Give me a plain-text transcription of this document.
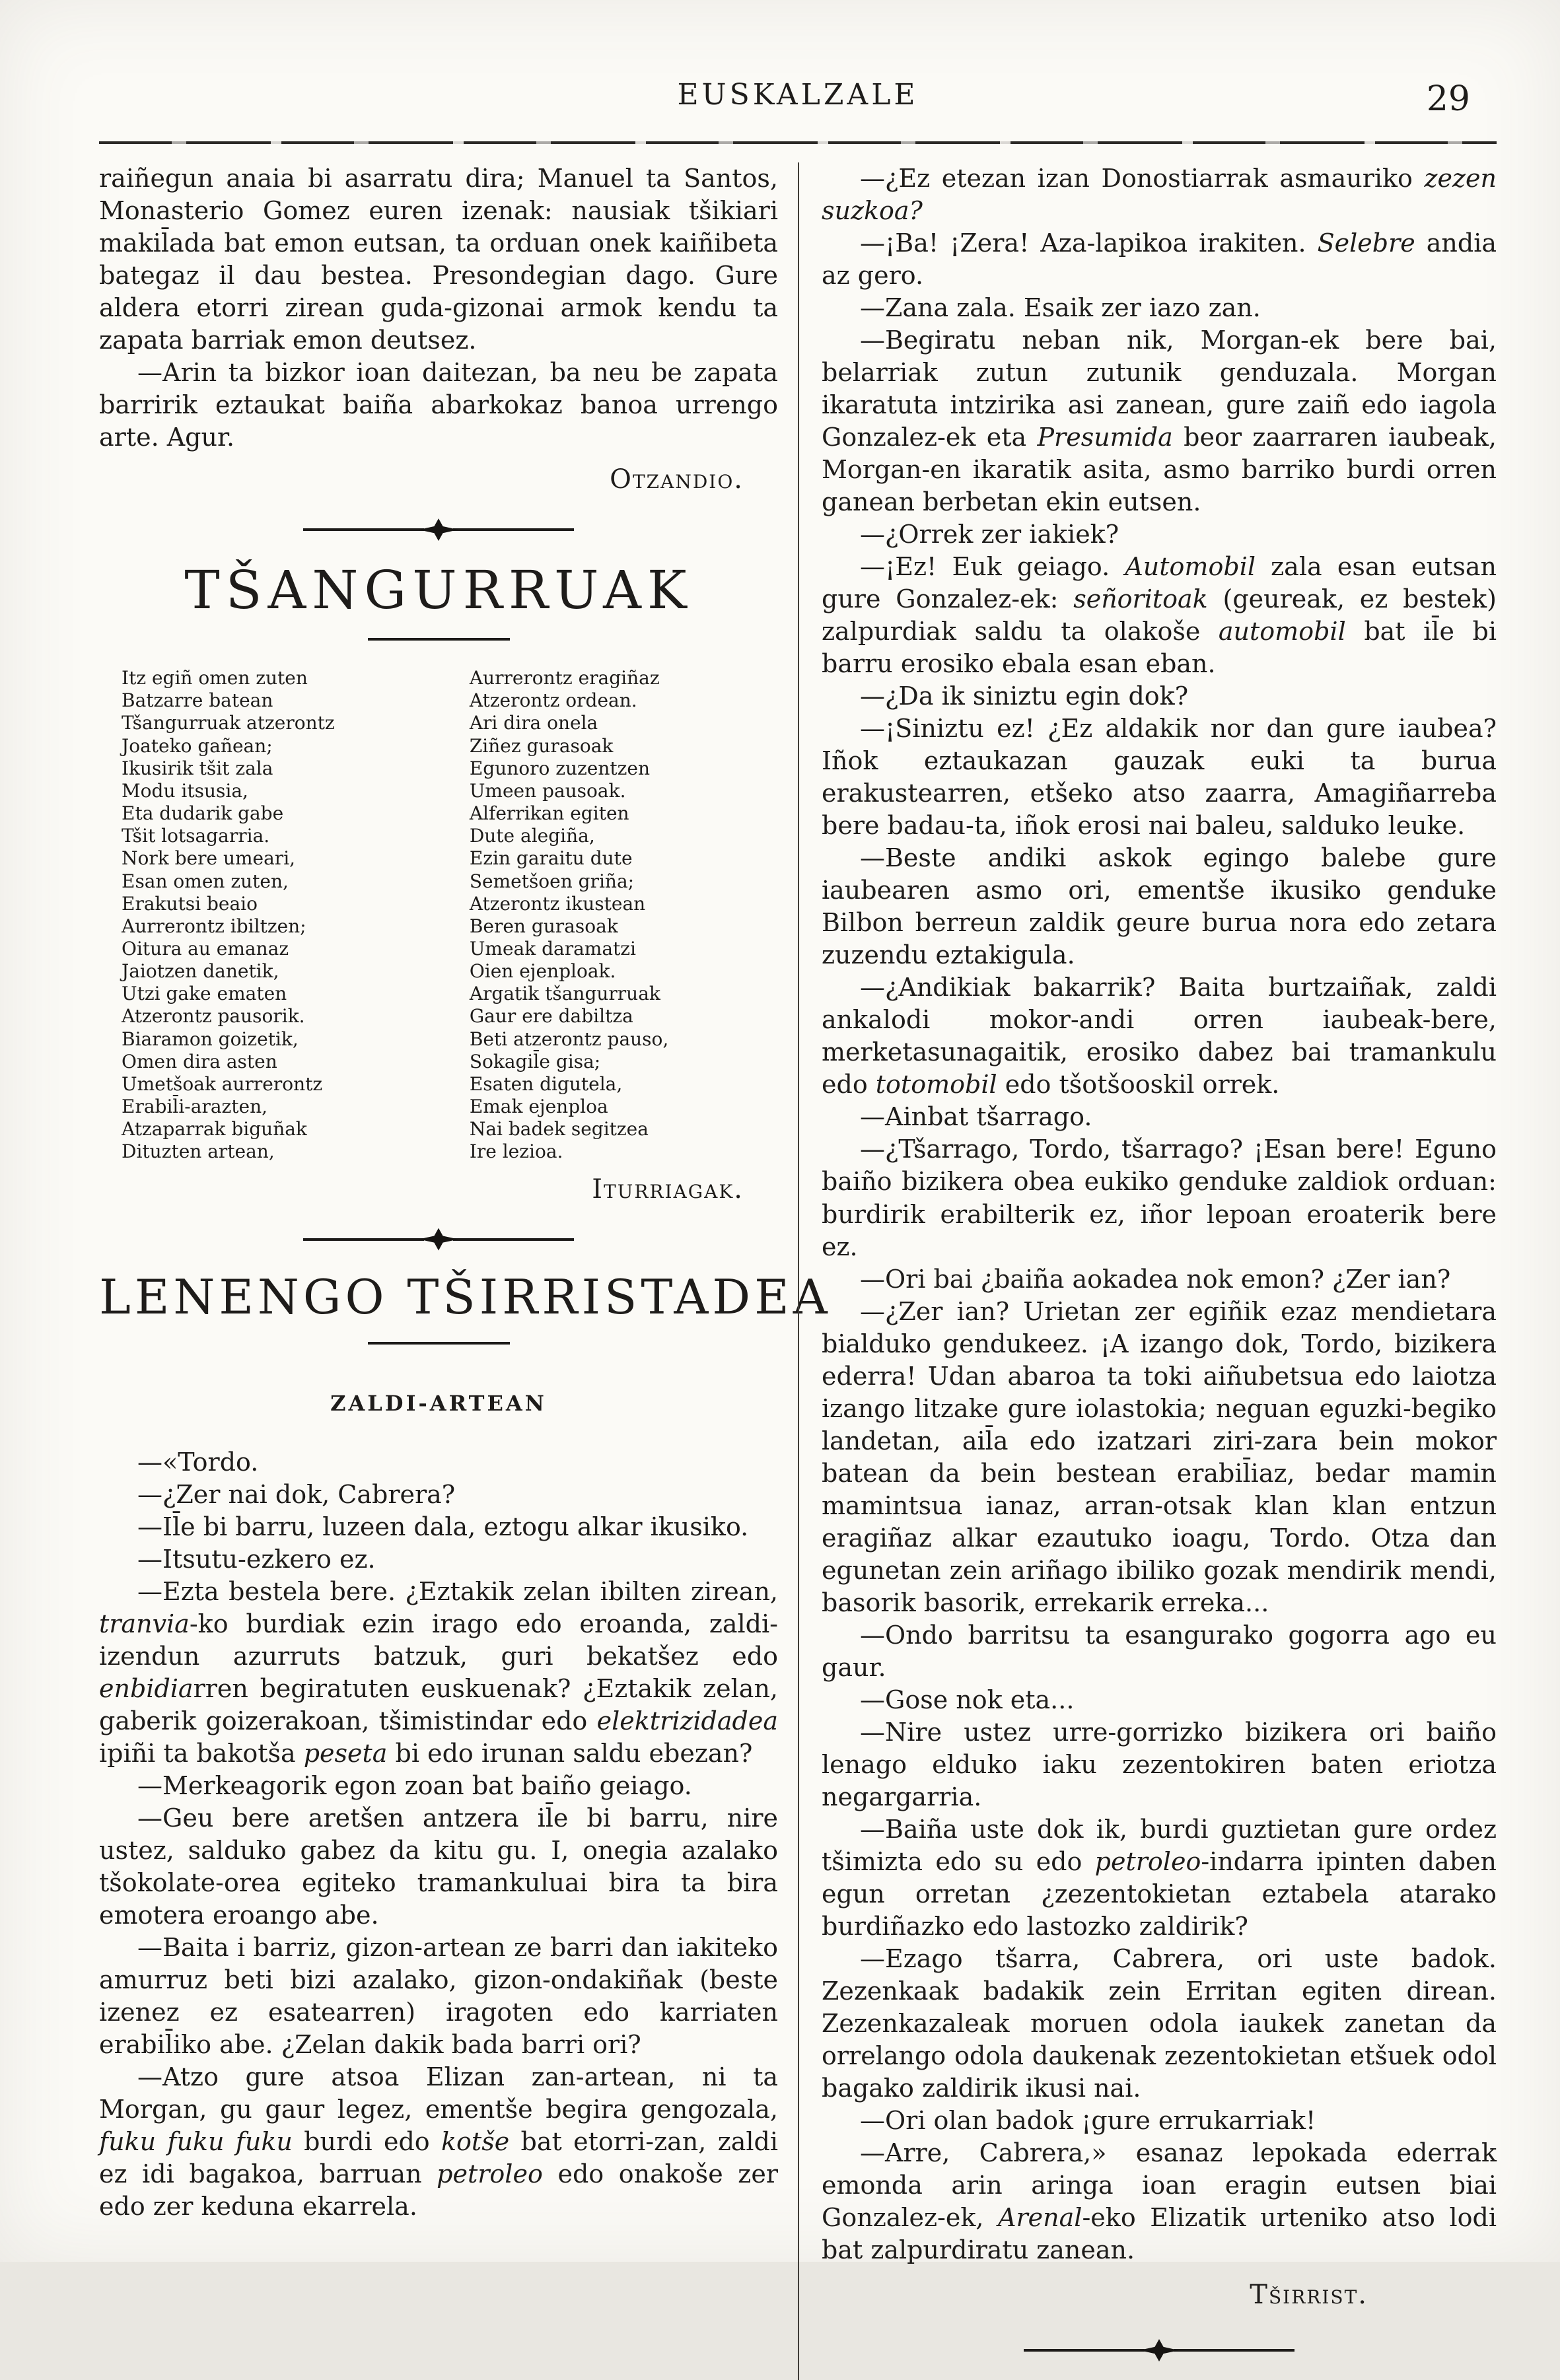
EUSKALZALE	29

raiñegun anaia bi asarratu dira; Manuel ta Santos, Monasterio Gomez euren izenak: nausiak tšikiari makil̄ada bat emon eutsan, ta orduan onek kaiñibeta bategaz il dau bestea. Presondegian dago. Gure aldera etorri zirean guda-gizonai armok kendu ta zapata barriak emon deutsez.

—Arin ta bizkor ioan daitezan, ba neu be zapata barririk eztaukat baiña abarkokaz banoa urrengo arte. Agur.

Otzandio.
TŠANGURRUAK
Itz egiñ omen zuten
Batzarre batean
Tšangurruak atzerontz
Joateko gañean;
Ikusirik tšit zala
Modu itsusia,
Eta dudarik gabe
Tšit lotsagarria.
Nork bere umeari,
Esan omen zuten,
Erakutsi beaio
Aurrerontz ibiltzen;
Oitura au emanaz
Jaiotzen danetik,
Utzi gake ematen
Atzerontz pausorik.
Biaramon goizetik,
Omen dira asten
Umetšoak aurrerontz
Erabil̄i-arazten,
Atzaparrak biguñak
Dituzten artean,
Aurrerontz eragiñaz
Atzerontz ordean.
Ari dira onela
Ziñez gurasoak
Egunoro zuzentzen
Umeen pausoak.
Alferrikan egiten
Dute alegiña,
Ezin garaitu dute
Semetšoen griña;
Atzerontz ikustean
Beren gurasoak
Umeak daramatzi
Oien ejenploak.
Argatik tšangurruak
Gaur ere dabiltza
Beti atzerontz pauso,
Sokagil̄e gisa;
Esaten digutela,
Emak ejenploa
Nai badek segitzea
Ire lezioa.
Iturriagak.
LENENGO TŠIRRISTADEA
ZALDI-ARTEAN

—«Tordo.

—¿Zer nai dok, Cabrera?

—Il̄e bi barru, luzeen dala, eztogu alkar ikusiko.

—Itsutu-ezkero ez.

—Ezta bestela bere. ¿Eztakik zelan ibilten zirean, tranvia-ko burdiak ezin irago edo eroanda, zaldi-izendun azurruts batzuk, guri bekatšez edo enbidiarren begiratuten euskuenak? ¿Eztakik zelan, gaberik goizerakoan, tšimistindar edo elektrizidadea ipiñi ta bakotša peseta bi edo irunan saldu ebezan?

—Merkeagorik egon zoan bat baiño geiago.

—Geu bere aretšen antzera il̄e bi barru, nire ustez, salduko gabez da kitu gu. I, onegia azalako tšokolate-orea egiteko tramankuluai bira ta bira emotera eroango abe.

—Baita i barriz, gizon-artean ze barri dan iakiteko amurruz beti bizi azalako, gizon-ondakiñak (beste izenez ez esatearren) iragoten edo karriaten erabil̄iko abe. ¿Zelan dakik bada barri ori?

—Atzo gure atsoa Elizan zan-artean, ni ta Morgan, gu gaur legez, ementše begira gengozala, fuku fuku fuku burdi edo kotše bat etorri-zan, zaldi ez idi bagakoa, barruan petroleo edo onakoše zer edo zer keduna ekarrela.

—¿Ez etezan izan Donostiarrak asmauriko zezen suzkoa?

—¡Ba! ¡Zera! Aza-lapikoa irakiten. Selebre andia az gero.

—Zana zala. Esaik zer iazo zan.

—Begiratu neban nik, Morgan-ek bere bai, belarriak zutun zutunik genduzala. Morgan ikaratuta intzirika asi zanean, gure zaiñ edo iagola Gonzalez-ek eta Presumida beor zaarraren iaubeak, Morgan-en ikaratik asita, asmo barriko burdi orren ganean berbetan ekin eutsen.

—¿Orrek zer iakiek?

—¡Ez! Euk geiago. Automobil zala esan eutsan gure Gonzalez-ek: señoritoak (geureak, ez bestek) zalpurdiak saldu ta olakoše automobil bat il̄e bi barru erosiko ebala esan eban.

—¿Da ik siniztu egin dok?

—¡Siniztu ez! ¿Ez aldakik nor dan gure iaubea? Iñok eztaukazan gauzak euki ta burua erakustearren, etšeko atso zaarra, Amagiñarreba bere badau-ta, iñok erosi nai baleu, salduko leuke.

—Beste andiki askok egingo balebe gure iaubearen asmo ori, ementše ikusiko genduke Bilbon berreun zaldik geure burua nora edo zetara zuzendu eztakigula.

—¿Andikiak bakarrik? Baita burtzaiñak, zaldi ankalodi mokor-andi orren iaubeak-bere, merketasunagaitik, erosiko dabez bai tramankulu edo totomobil edo tšotšooskil orrek.

—Ainbat tšarrago.

—¿Tšarrago, Tordo, tšarrago? ¡Esan bere! Eguno baiño bizikera obea eukiko genduke zaldiok orduan: burdirik erabilterik ez, iñor lepoan eroaterik bere ez.

—Ori bai ¿baiña aokadea nok emon? ¿Zer ian?

—¿Zer ian? Urietan zer egiñik ezaz mendietara bialduko gendukeez. ¡A izango dok, Tordo, bizikera ederra! Udan abaroa ta toki aiñubetsua edo laiotza izango litzake gure iolastokia; neguan eguzki-begiko landetan, ail̄a edo izatzari ziri-zara bein mokor batean da bein bestean erabil̄iaz, bedar mamin mamintsua ianaz, arran-otsak klan klan entzun eragiñaz alkar ezautuko ioagu, Tordo. Otza dan egunetan zein ariñago ibiliko gozak mendirik mendi, basorik basorik, errekarik erreka...

—Ondo barritsu ta esangurako gogorra ago eu gaur.

—Gose nok eta...

—Nire ustez urre-gorrizko bizikera ori baiño lenago elduko iaku zezentokiren baten eriotza negargarria.

—Baiña uste dok ik, burdi guztietan gure ordez tšimizta edo su edo petroleo-indarra ipinten daben egun orretan ¿zezentokietan eztabela atarako burdiñazko edo lastozko zaldirik?

—Ezago tšarra, Cabrera, ori uste badok. Zezenkaak badakik zein Erritan egiten direan. Zezenkazaleak moruen odola iaukek zanetan da orrelango odola daukenak zezentokietan etšuek odol bagako zaldirik ikusi nai.

—Ori olan badok ¡gure errukarriak!

—Arre, Cabrera,» esanaz lepokada ederrak emonda arin aringa ioan eragin eutsen biai Gonzalez-ek, Arenal-eko Elizatik urteniko atso lodi bat zalpurdiratu zanean.

Tširrist.
